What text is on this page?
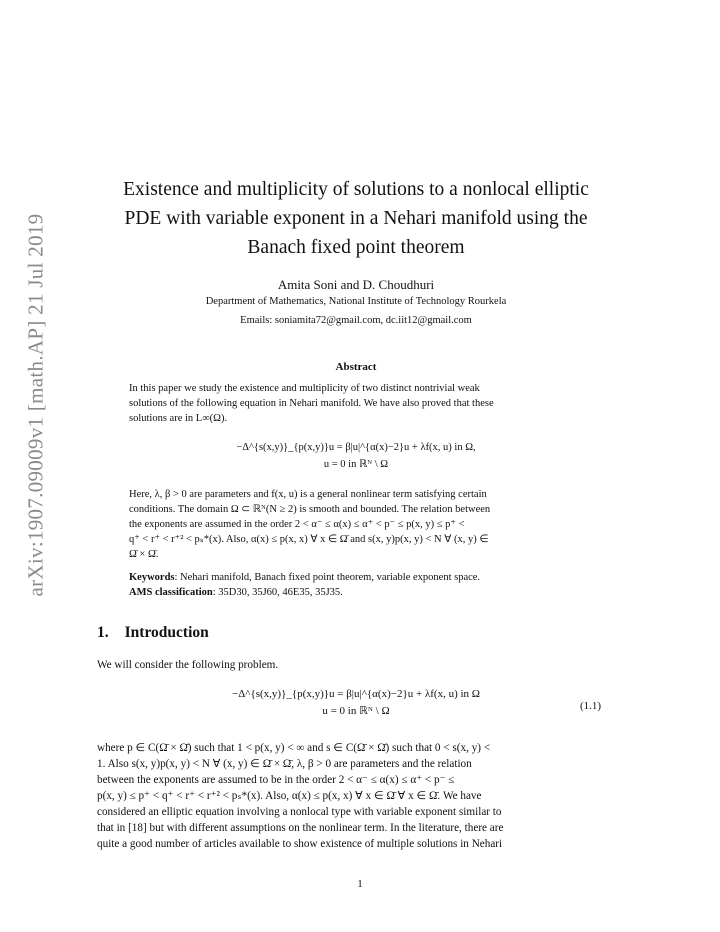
arXiv:1907.09009v1 [math.AP] 21 Jul 2019
Existence and multiplicity of solutions to a nonlocal elliptic
PDE with variable exponent in a Nehari manifold using the
Banach fixed point theorem
Amita Soni and D. Choudhuri
Department of Mathematics, National Institute of Technology Rourkela
Emails: soniamita72@gmail.com, dc.iit12@gmail.com
Abstract
In this paper we study the existence and multiplicity of two distinct nontrivial weak
solutions of the following equation in Nehari manifold. We have also proved that these
solutions are in L∞(Ω).
−Δ^{s(x,y)}_{p(x,y)}u = β|u|^{α(x)−2}u + λf(x, u) in Ω,
u = 0 in ℝᴺ \ Ω
Here, λ, β > 0 are parameters and f(x, u) is a general nonlinear term satisfying certain
conditions. The domain Ω ⊂ ℝᴺ(N ≥ 2) is smooth and bounded. The relation between
the exponents are assumed in the order 2 < α⁻ ≤ α(x) ≤ α⁺ < p⁻ ≤ p(x, y) ≤ p⁺ <
q⁺ < r⁺ < r⁺² < pₛ*(x). Also, α(x) ≤ p(x, x) ∀ x ∈ Ω̄ and s(x, y)p(x, y) < N ∀ (x, y) ∈
Ω̄ × Ω̄.
Keywords: Nehari manifold, Banach fixed point theorem, variable exponent space.
AMS classification: 35D30, 35J60, 46E35, 35J35.
1. Introduction
We will consider the following problem.
−Δ^{s(x,y)}_{p(x,y)}u = β|u|^{α(x)−2}u + λf(x, u) in Ω
u = 0 in ℝᴺ \ Ω	(1.1)
where p ∈ C(Ω̄ × Ω̄) such that 1 < p(x, y) < ∞ and s ∈ C(Ω̄ × Ω̄) such that 0 < s(x, y) <
1. Also s(x, y)p(x, y) < N ∀ (x, y) ∈ Ω̄ × Ω̄, λ, β > 0 are parameters and the relation
between the exponents are assumed to be in the order 2 < α⁻ ≤ α(x) ≤ α⁺ < p⁻ ≤
p(x, y) ≤ p⁺ < q⁺ < r⁺ < r⁺² < pₛ*(x). Also, α(x) ≤ p(x, x) ∀ x ∈ Ω̄ ∀ x ∈ Ω̄. We have
considered an elliptic equation involving a nonlocal type with variable exponent similar to
that in [18] but with different assumptions on the nonlinear term. In the literature, there are
quite a good number of articles available to show existence of multiple solutions in Nehari
1
